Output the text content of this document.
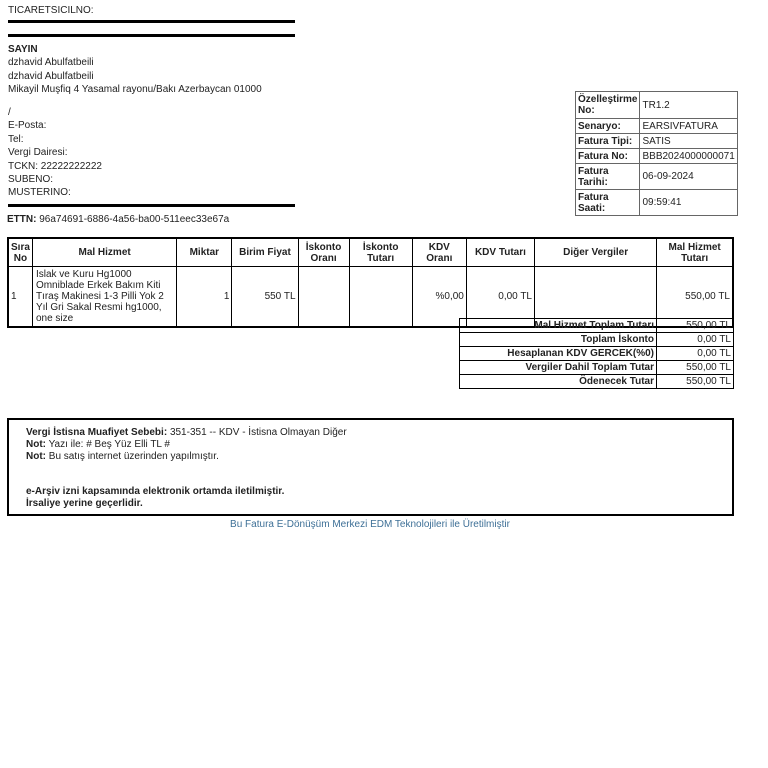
TICARETSICILNO:
SAYIN
dzhavid Abulfatbeili
dzhavid Abulfatbeili
Mikayil Muşfiq 4 Yasamal rayonu/Bakı Azerbaycan 01000
/
E-Posta:
Tel:
Vergi Dairesi:
TCKN: 22222222222
SUBENO:
MUSTERINO:
ETTN: 96a74691-6886-4a56-ba00-511eec33e67a
Özelleştirme No:	TR1.2
Senaryo:	EARSIVFATURA
Fatura Tipi:	SATIS
Fatura No:	BBB2024000000071
Fatura Tarihi:	06-09-2024
Fatura Saati:	09:59:41
Sıra No	Mal Hizmet	Miktar	Birim Fiyat	İskonto Oranı	İskonto Tutarı	KDV Oranı	KDV Tutarı	Diğer Vergiler	Mal Hizmet Tutarı
1	Islak ve Kuru Hg1000 Omniblade Erkek Bakım Kiti Tıraş Makinesi 1-3 Pilli Yok 2 Yıl Gri Sakal Resmi hg1000, one size	1	550 TL			%0,00	0,00 TL		550,00 TL
Mal Hizmet Toplam Tutarı	550,00 TL
Toplam İskonto	0,00 TL
Hesaplanan KDV GERCEK(%0)	0,00 TL
Vergiler Dahil Toplam Tutar	550,00 TL
Ödenecek Tutar	550,00 TL
Vergi İstisna Muafiyet Sebebi: 351-351 -- KDV - İstisna Olmayan Diğer
Not: Yazı ile: # Beş Yüz Elli TL #
Not: Bu satış internet üzerinden yapılmıştır.
e-Arşiv izni kapsamında elektronik ortamda iletilmiştir.
İrsaliye yerine geçerlidir.
Bu Fatura E-Dönüşüm Merkezi EDM Teknolojileri ile Üretilmiştir
